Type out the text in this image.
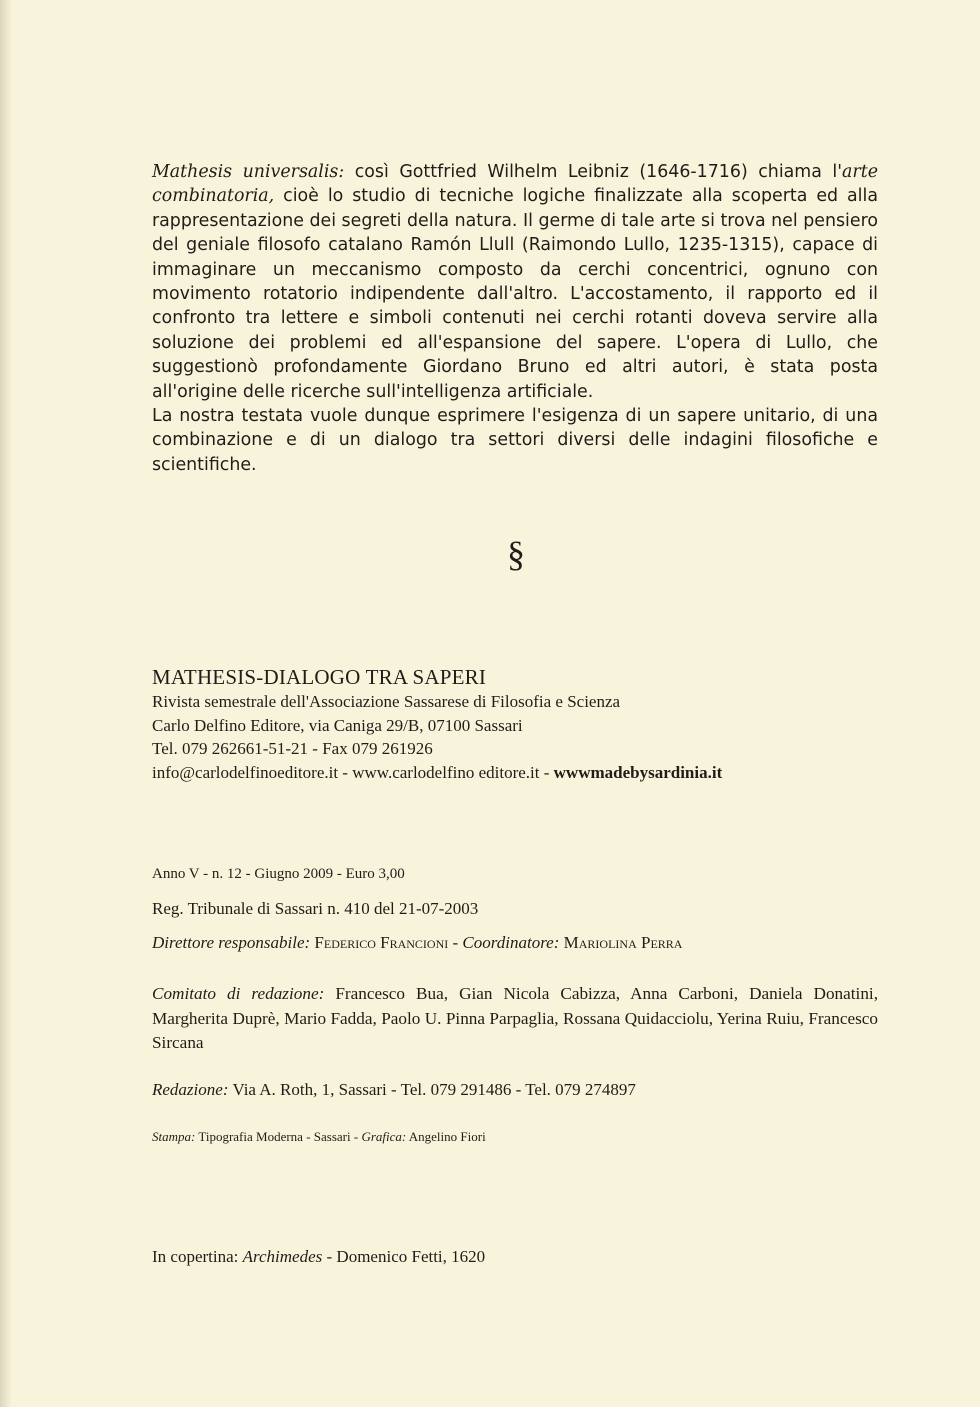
Mathesis universalis: così Gottfried Wilhelm Leibniz (1646-1716) chiama l'arte combinatoria, cioè lo studio di tecniche logiche finalizzate alla scoperta ed alla rappresentazione dei segreti della natura. Il germe di tale arte si trova nel pensiero del geniale filosofo catalano Ramón Llull (Raimondo Lullo, 1235-1315), capace di immaginare un meccanismo composto da cerchi concentrici, ognuno con movimento rotatorio indipendente dall'altro. L'accostamento, il rapporto ed il confronto tra lettere e simboli contenuti nei cerchi rotanti doveva servire alla soluzione dei problemi ed all'espansione del sapere. L'opera di Lullo, che suggestionò profondamente Giordano Bruno ed altri autori, è stata posta all'origine delle ricerche sull'intelligenza artificiale.

La nostra testata vuole dunque esprimere l'esigenza di un sapere unitario, di una combinazione e di un dialogo tra settori diversi delle indagini filosofiche e scientifiche.

§
MATHESIS-DIALOGO TRA SAPERI
Rivista semestrale dell'Associazione Sassarese di Filosofia e Scienza
Carlo Delfino Editore, via Caniga 29/B, 07100 Sassari
Tel. 079 262661-51-21 - Fax 079 261926
info@carlodelfinoeditore.it - www.carlodelfino editore.it - wwwmadebysardinia.it
Anno V - n. 12 - Giugno 2009 - Euro 3,00
Reg. Tribunale di Sassari n. 410 del 21-07-2003
Direttore responsabile: Federico Francioni - Coordinatore: Mariolina Perra
Comitato di redazione: Francesco Bua, Gian Nicola Cabizza, Anna Carboni, Daniela Donatini, Margherita Duprè, Mario Fadda, Paolo U. Pinna Parpaglia, Rossana Quidacciolu, Yerina Ruiu, Francesco Sircana
Redazione: Via A. Roth, 1, Sassari - Tel. 079 291486 - Tel. 079 274897
Stampa: Tipografia Moderna - Sassari - Grafica: Angelino Fiori
In copertina: Archimedes - Domenico Fetti, 1620
